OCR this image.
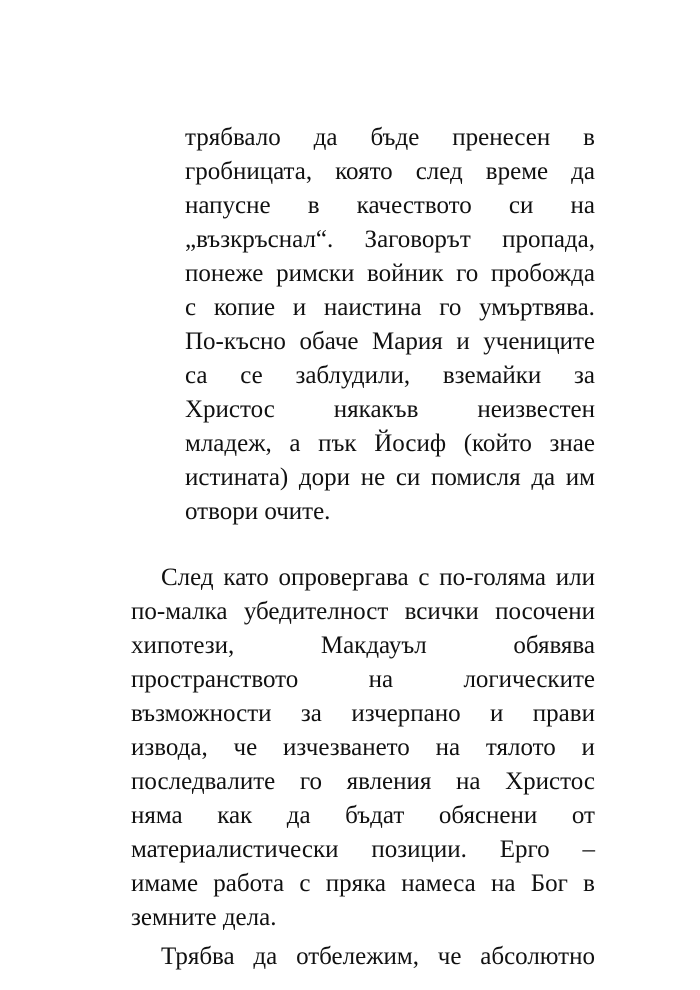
трябвало да бъде пренесен в
гробницата, която след време да
напусне в качеството си на
„възкръснал“. Заговорът пропада,
понеже римски войник го пробожда
с копие и наистина го умъртвява.
По-късно обаче Мария и учениците
са се заблудили, вземайки за
Христос някакъв неизвестен
младеж, а пък Йосиф (който знае
истината) дори не си помисля да им
отвори очите.
След като опровергава с по-голяма или
по-малка убедителност всички посочени
хипотези,	Макдауъл	обявява
пространството	на	логическите
възможности за изчерпано и прави
извода, че изчезването на тялото и
последвалите го явления на Христос
няма как да бъдат обяснени от
материалистически позиции. Ерго –
имаме работа с пряка намеса на Бог в
земните дела.
Трябва да отбележим, че абсолютно
